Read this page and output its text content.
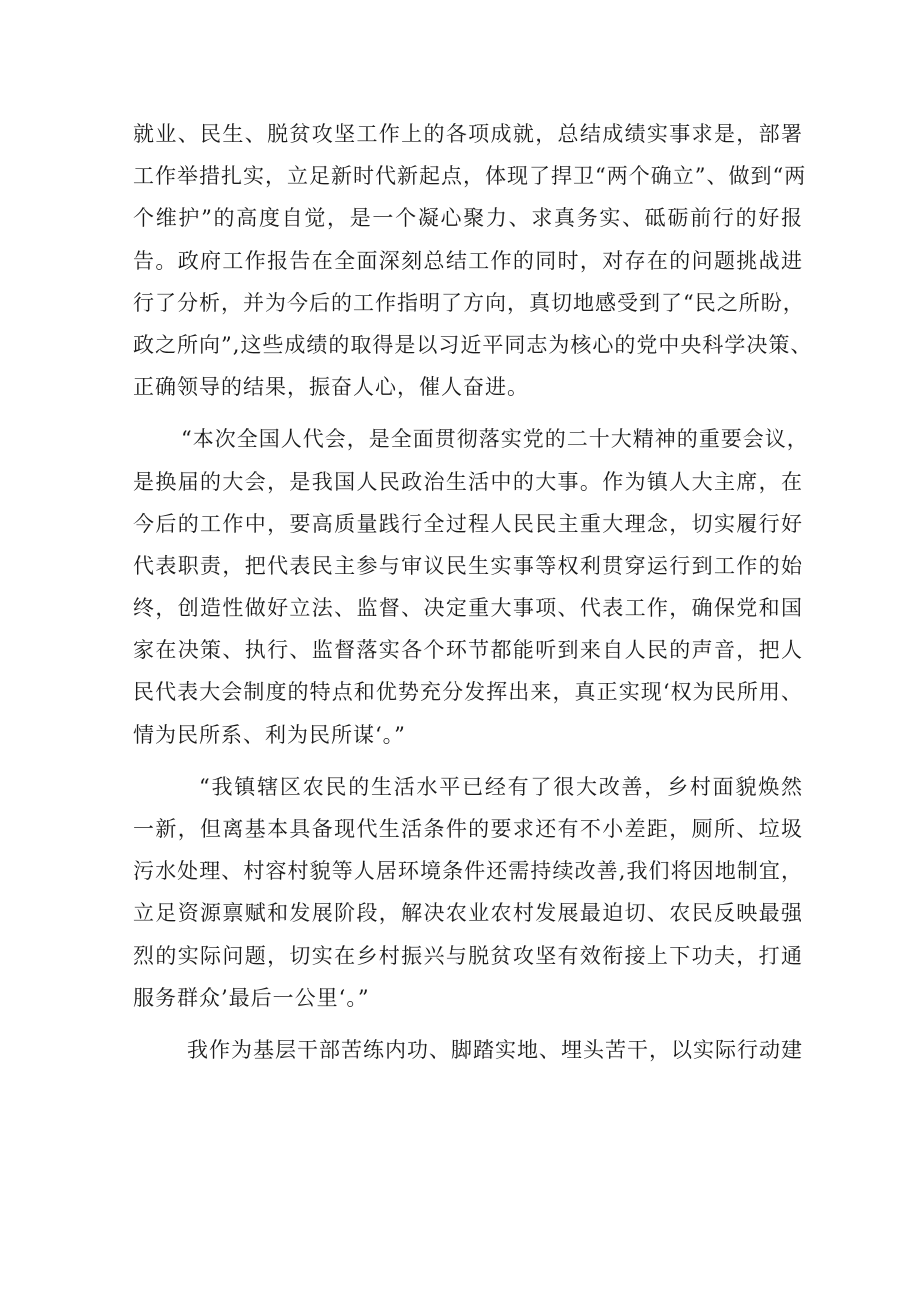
就业、民生、脱贫攻坚工作上的各项成就，总结成绩实事求是，部署
工作举措扎实，立足新时代新起点，体现了捍卫“两个确立”、做到“两
个维护”的高度自觉，是一个凝心聚力、求真务实、砥砺前行的好报
告。政府工作报告在全面深刻总结工作的同时，对存在的问题挑战进
行了分析，并为今后的工作指明了方向，真切地感受到了“民之所盼，
政之所向”,这些成绩的取得是以习近平同志为核心的党中央科学决策、
正确领导的结果，振奋人心，催人奋进。
“本次全国人代会，是全面贯彻落实党的二十大精神的重要会议，
是换届的大会，是我国人民政治生活中的大事。作为镇人大主席，在
今后的工作中，要高质量践行全过程人民民主重大理念，切实履行好
代表职责，把代表民主参与审议民生实事等权利贯穿运行到工作的始
终，创造性做好立法、监督、决定重大事项、代表工作，确保党和国
家在决策、执行、监督落实各个环节都能听到来自人民的声音，把人
民代表大会制度的特点和优势充分发挥出来，真正实现‘权为民所用、
情为民所系、利为民所谋‘。”
“我镇辖区农民的生活水平已经有了很大改善，乡村面貌焕然
一新，但离基本具备现代生活条件的要求还有不小差距，厕所、垃圾
污水处理、村容村貌等人居环境条件还需持续改善,我们将因地制宜，
立足资源禀赋和发展阶段，解决农业农村发展最迫切、农民反映最强
烈的实际问题，切实在乡村振兴与脱贫攻坚有效衔接上下功夫，打通
服务群众’最后一公里‘。”
我作为基层干部苦练内功、脚踏实地、埋头苦干，以实际行动建
